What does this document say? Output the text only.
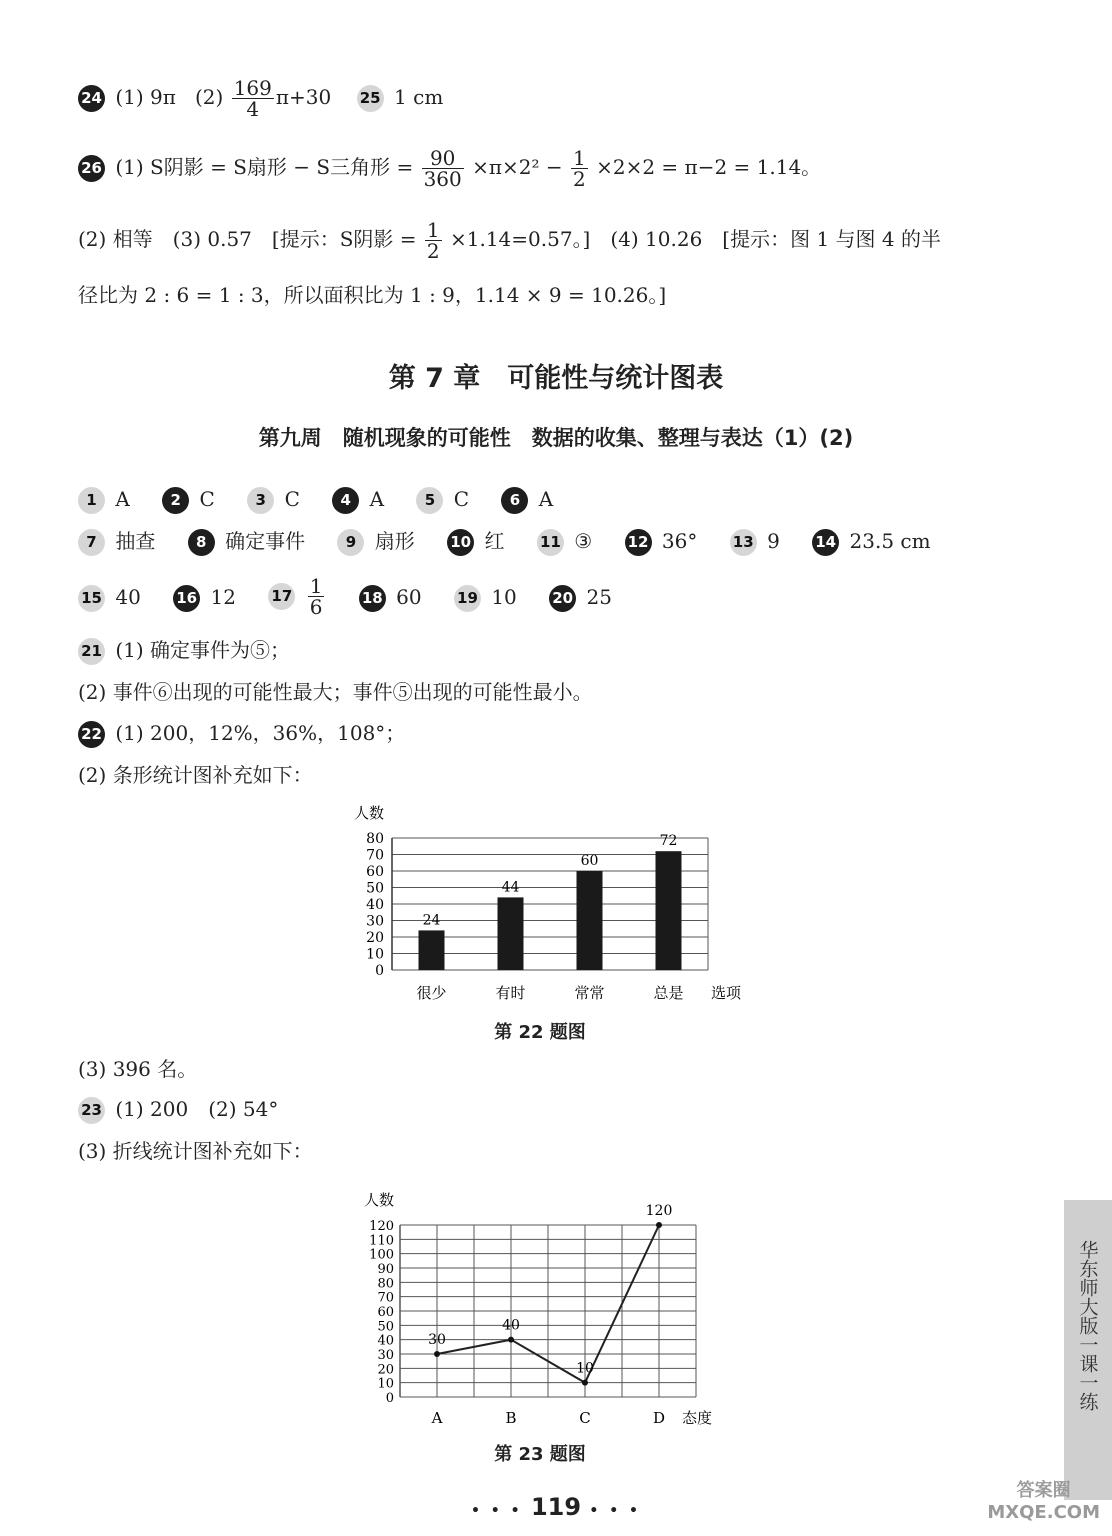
24 (1) 9π $(2) \frac{169}{4} \pi+30$ 25 1 cm
26 (1) S阴影 = S扇形 − S三角形 = $\frac{90}{360} \times\pi\times 2^2 - \frac{1}{2} \times 2\times 2 = \pi-2 = 1.14$。
(2) 相等　(3) 0.57　[提示：S阴影 = $\frac{1}{2} \times 1.14=0.57$。]　(4) 10.26　[提示：图 1 与图 4 的半
径比为 2 : 6 = 1 : 3，所以面积比为 1 : 9，1.14 × 9 = 10.26。]
第 7 章　可能性与统计图表
第九周　随机现象的可能性　数据的收集、整理与表达（1）(2)
1 A	2 C	3 C	4 A	5 C	6 A
7 抽查	8 确定事件	9 扇形 10 红 11 ③ 12 36° 13 9 14 23.5 cm
15 40 16 12 $17 \frac{1}{6} 18$ 60 19 10 20 25
21 (1) 确定事件为⑤；
(2) 事件⑥出现的可能性最大；事件⑤出现的可能性最小。
22 (1) 200，12%，36%，108°；
(2) 条形统计图补充如下：
人数
0
10
20
30
40
50
60
70
80
24
很少
44
有时
60
常常
72
总是 选项
第 22 题图
(3) 396 名。
23 (1) 200　(2) 54°
(3) 折线统计图补充如下：
人数
0
10
20
30
40
50
60
70
80
90
100
110
120
30
A
40
B
10
C
120
D 态度
第 23 题图
华东师大版一课一练
• • • 119 • • •
答案圈
MXQE.COM
